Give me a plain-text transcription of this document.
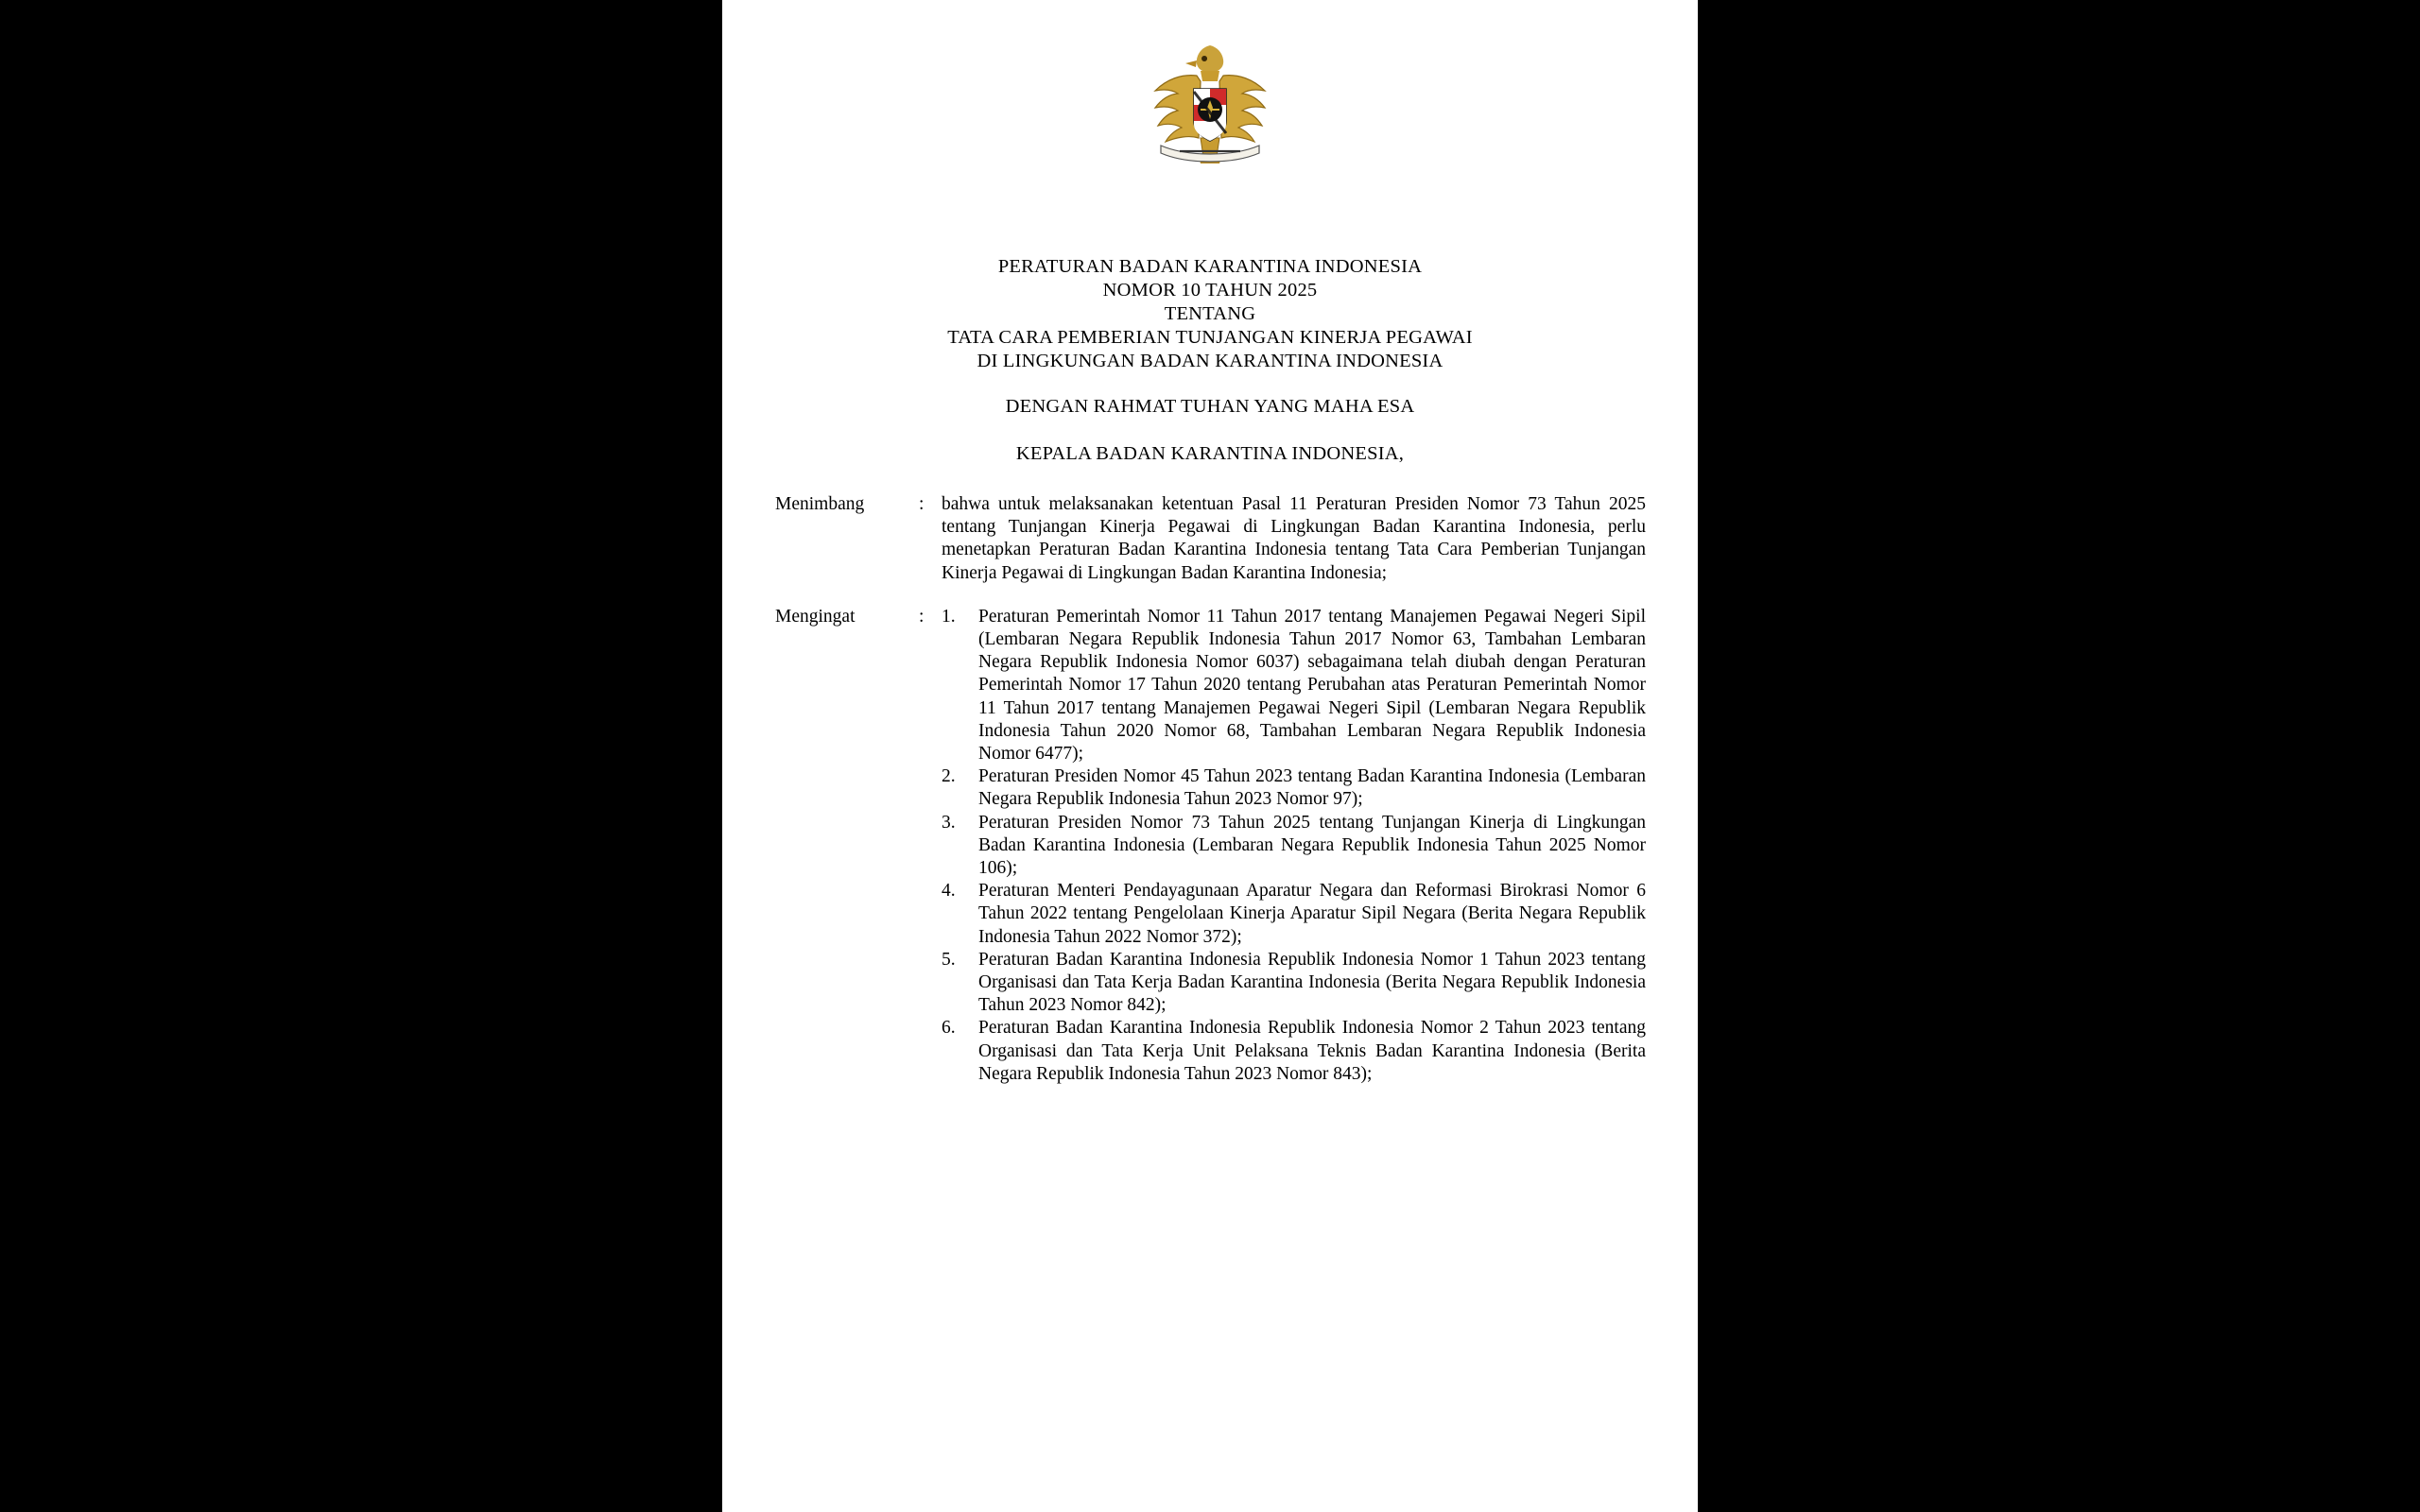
PERATURAN BADAN KARANTINA INDONESIA
NOMOR 10 TAHUN 2025
TENTANG
TATA CARA PEMBERIAN TUNJANGAN KINERJA PEGAWAI
DI LINGKUNGAN BADAN KARANTINA INDONESIA
DENGAN RAHMAT TUHAN YANG MAHA ESA
KEPALA BADAN KARANTINA INDONESIA,
Menimbang	: bahwa untuk melaksanakan ketentuan Pasal 11 Peraturan Presiden Nomor 73 Tahun 2025 tentang Tunjangan Kinerja Pegawai di Lingkungan Badan Karantina Indonesia, perlu menetapkan Peraturan Badan Karantina Indonesia tentang Tata Cara Pemberian Tunjangan Kinerja Pegawai di Lingkungan Badan Karantina Indonesia;
Mengingat	: 1.	Peraturan Pemerintah Nomor 11 Tahun 2017 tentang Manajemen Pegawai Negeri Sipil (Lembaran Negara Republik Indonesia Tahun 2017 Nomor 63, Tambahan Lembaran Negara Republik Indonesia Nomor 6037) sebagaimana telah diubah dengan Peraturan Pemerintah Nomor 17 Tahun 2020 tentang Perubahan atas Peraturan Pemerintah Nomor 11 Tahun 2017 tentang Manajemen Pegawai Negeri Sipil (Lembaran Negara Republik Indonesia Tahun 2020 Nomor 68, Tambahan Lembaran Negara Republik Indonesia Nomor 6477);
2.	Peraturan Presiden Nomor 45 Tahun 2023 tentang Badan Karantina Indonesia (Lembaran Negara Republik Indonesia Tahun 2023 Nomor 97);
3.	Peraturan Presiden Nomor 73 Tahun 2025 tentang Tunjangan Kinerja di Lingkungan Badan Karantina Indonesia (Lembaran Negara Republik Indonesia Tahun 2025 Nomor 106);
4.	Peraturan Menteri Pendayagunaan Aparatur Negara dan Reformasi Birokrasi Nomor 6 Tahun 2022 tentang Pengelolaan Kinerja Aparatur Sipil Negara (Berita Negara Republik Indonesia Tahun 2022 Nomor 372);
5.	Peraturan Badan Karantina Indonesia Republik Indonesia Nomor 1 Tahun 2023 tentang Organisasi dan Tata Kerja Badan Karantina Indonesia (Berita Negara Republik Indonesia Tahun 2023 Nomor 842);
6.	Peraturan Badan Karantina Indonesia Republik Indonesia Nomor 2 Tahun 2023 tentang Organisasi dan Tata Kerja Unit Pelaksana Teknis Badan Karantina Indonesia (Berita Negara Republik Indonesia Tahun 2023 Nomor 843);
